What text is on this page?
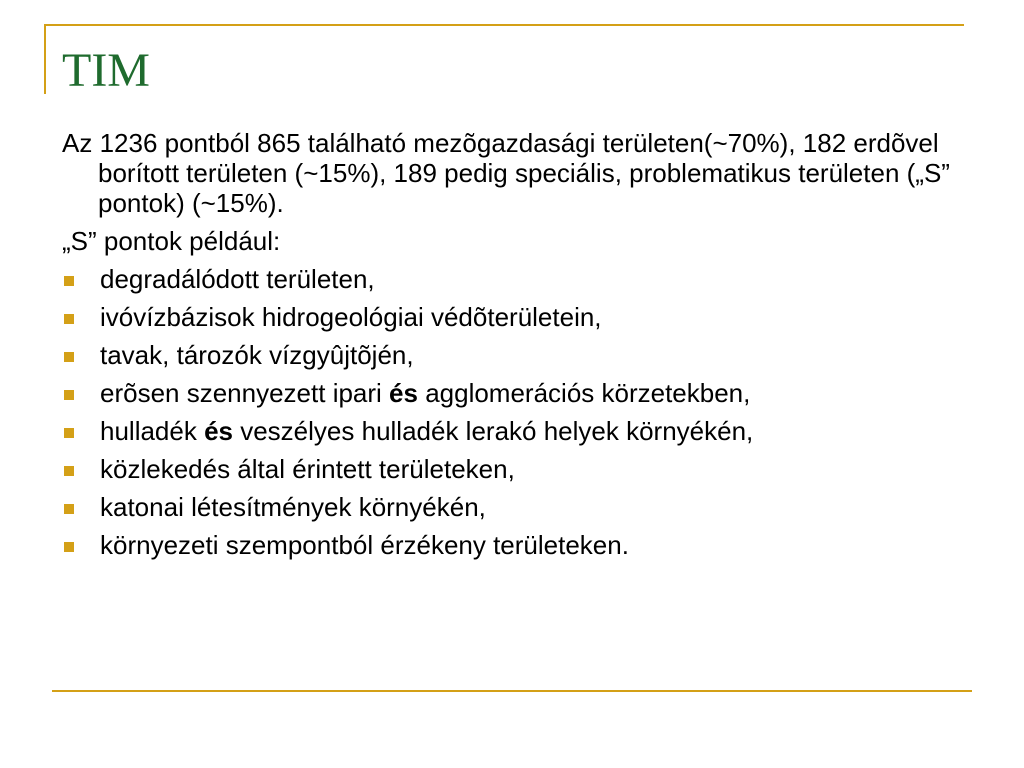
TIM

Az 1236 pontból 865 található mezõgazdasági területen(~70%), 182 erdõvel borított területen (~15%), 189 pedig speciális, problematikus területen („S” pontok) (~15%).

„S” pontok például:

degradálódott területen,
ivóvízbázisok hidrogeológiai védõterületein,
tavak, tározók vízgyûjtõjén,
erõsen szennyezett ipari és agglomerációs körzetekben,
hulladék és veszélyes hulladék lerakó helyek környékén,
közlekedés által érintett területeken,
katonai létesítmények környékén,
környezeti szempontból érzékeny területeken.
